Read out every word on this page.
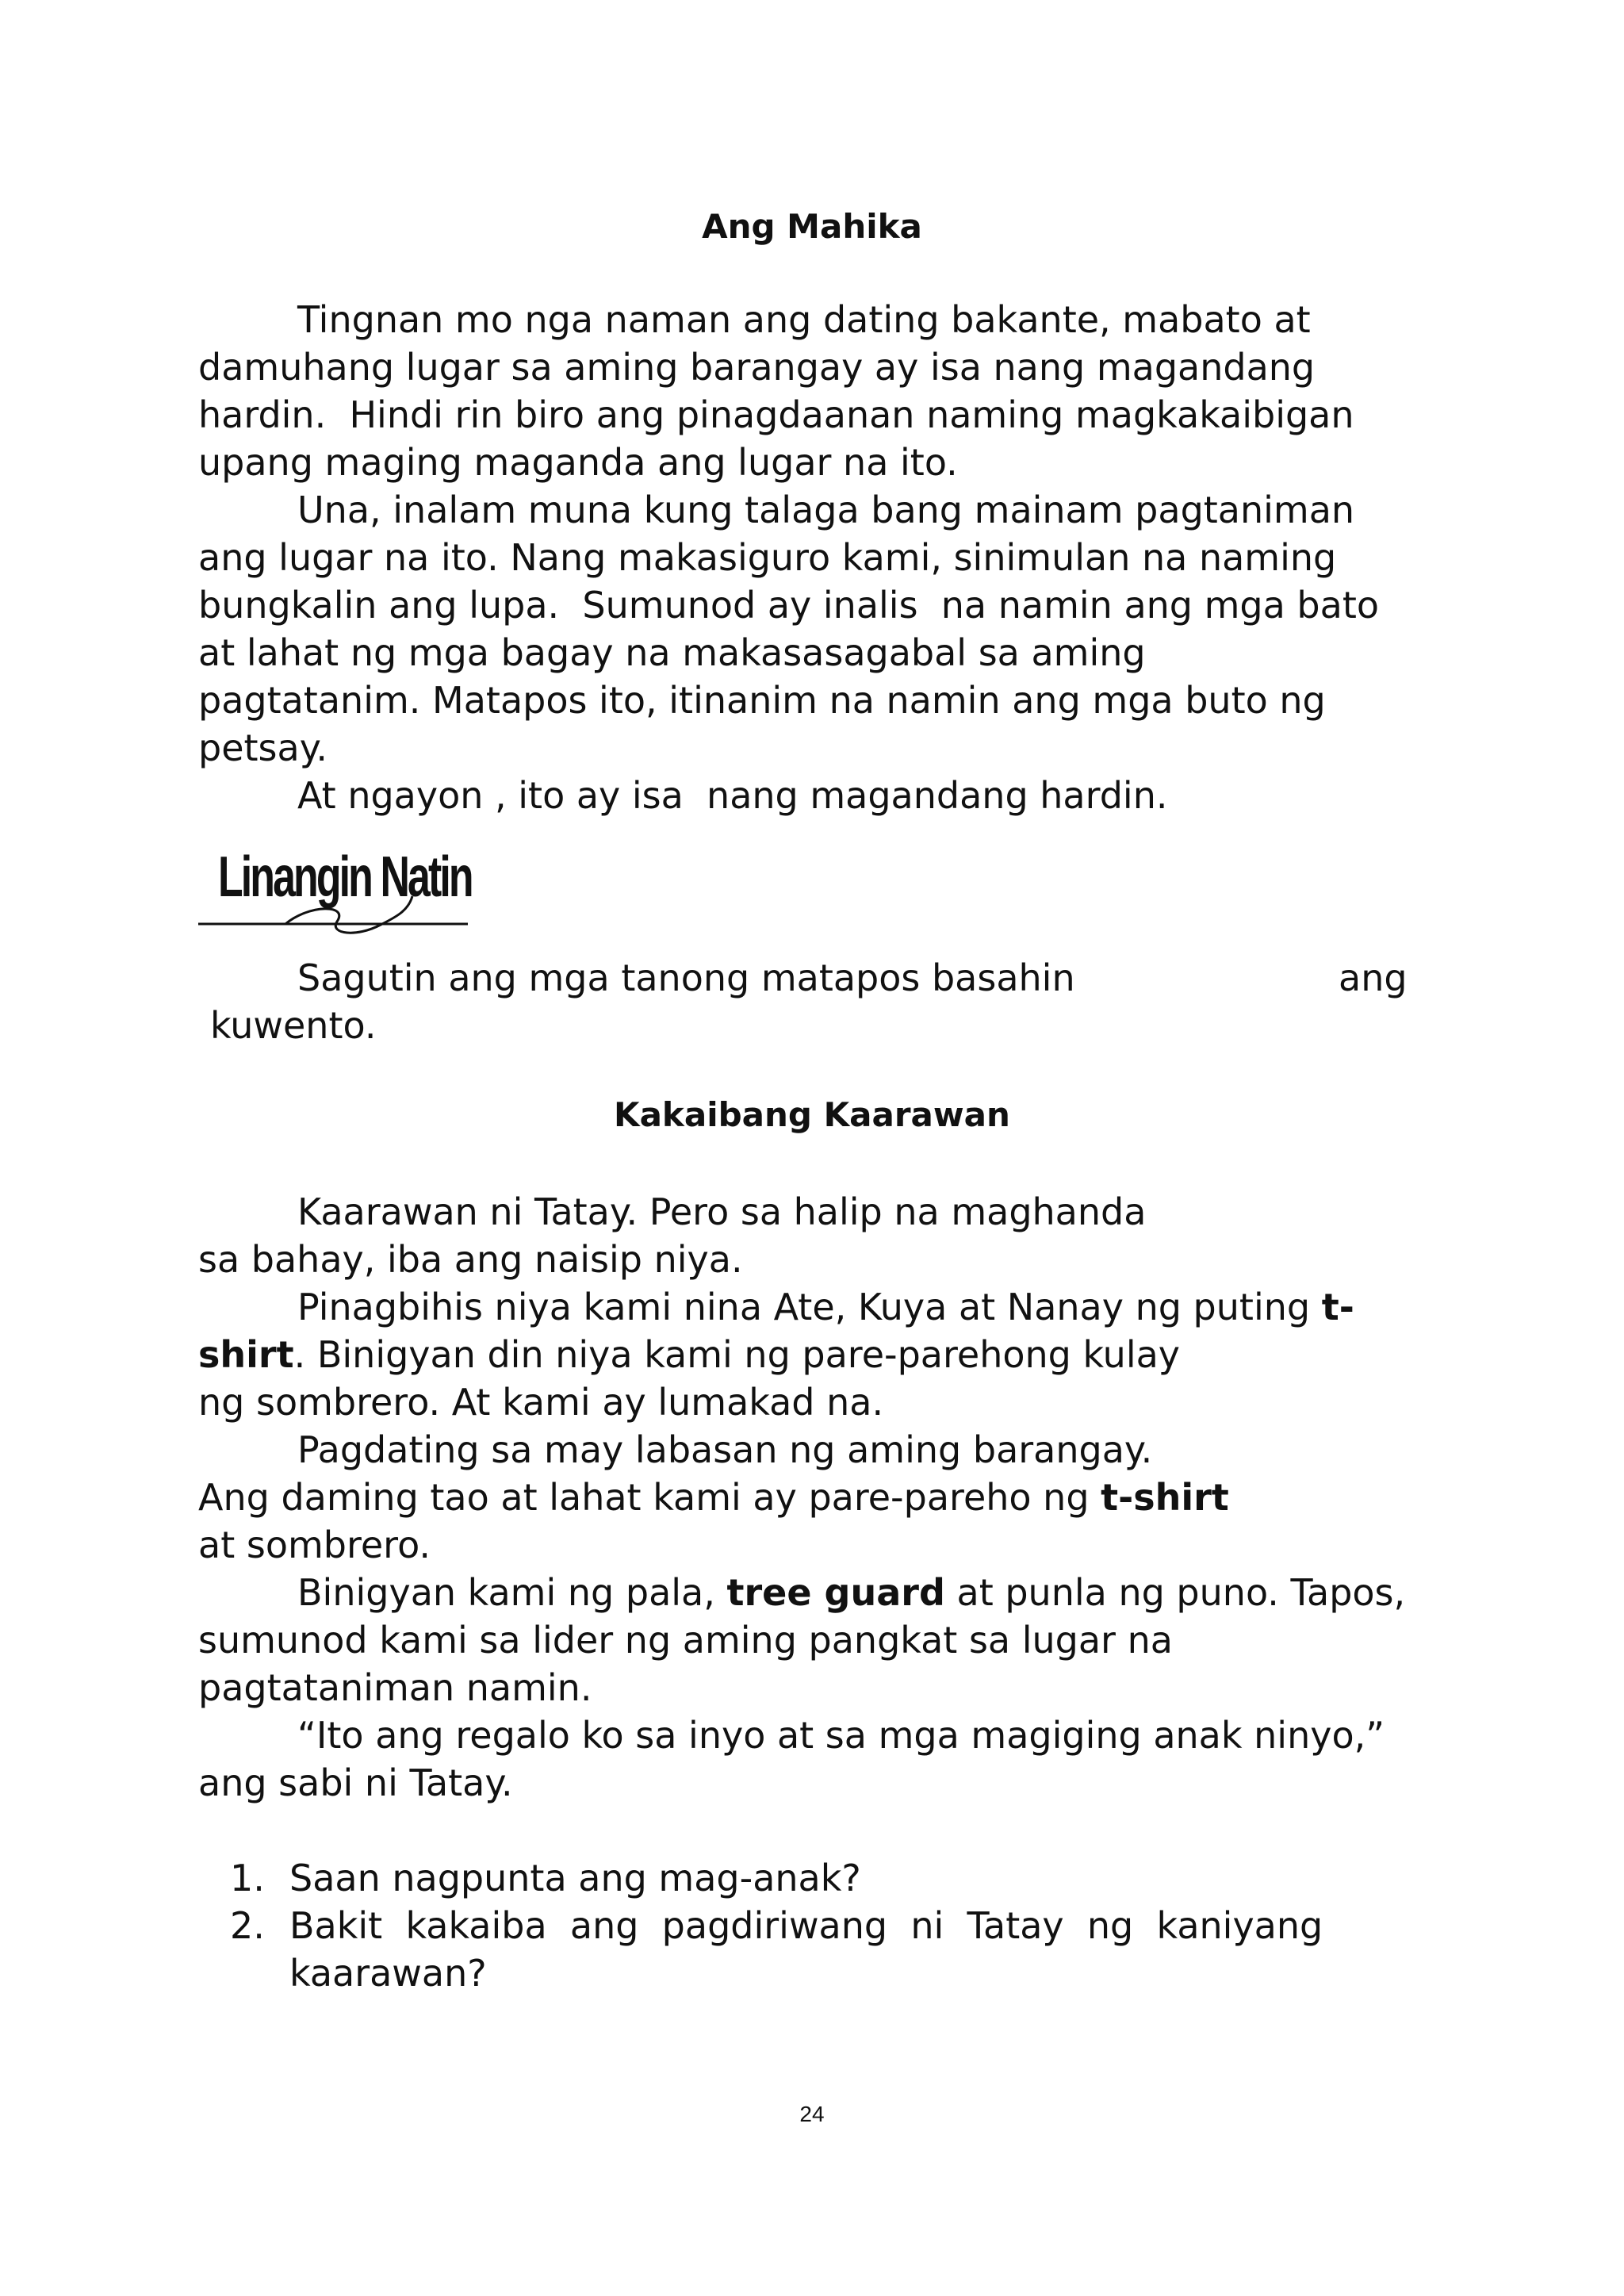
Ang Mahika
Tingnan mo nga naman ang dating bakante, mabato at
damuhang lugar sa aming barangay ay isa nang magandang
hardin.  Hindi rin biro ang pinagdaanan naming magkakaibigan
upang maging maganda ang lugar na ito.
Una, inalam muna kung talaga bang mainam pagtaniman
ang lugar na ito. Nang makasiguro kami, sinimulan na naming
bungkalin ang lupa.  Sumunod ay inalis  na namin ang mga bato
at lahat ng mga bagay na makasasagabal sa aming
pagtatanim. Matapos ito, itinanim na namin ang mga buto ng
petsay.
At ngayon , ito ay isa  nang magandang hardin.
Linangin Natin
Sagutin ang mga tanong matapos basahin	ang
kuwento.
Kakaibang Kaarawan
Kaarawan ni Tatay. Pero sa halip na maghanda
sa bahay, iba ang naisip niya.
Pinagbihis niya kami nina Ate, Kuya at Nanay ng puting t-
shirt. Binigyan din niya kami ng pare-parehong kulay
ng sombrero. At kami ay lumakad na.
Pagdating sa may labasan ng aming barangay.
Ang daming tao at lahat kami ay pare-pareho ng t-shirt
at sombrero.
Binigyan kami ng pala, tree guard at punla ng puno. Tapos,
sumunod kami sa lider ng aming pangkat sa lugar na
pagtataniman namin.
“Ito ang regalo ko sa inyo at sa mga magiging anak ninyo,”
ang sabi ni Tatay.
1. Saan nagpunta ang mag-anak?
2. Bakit  kakaiba  ang  pagdiriwang  ni  Tatay  ng  kaniyang
kaarawan?
24
